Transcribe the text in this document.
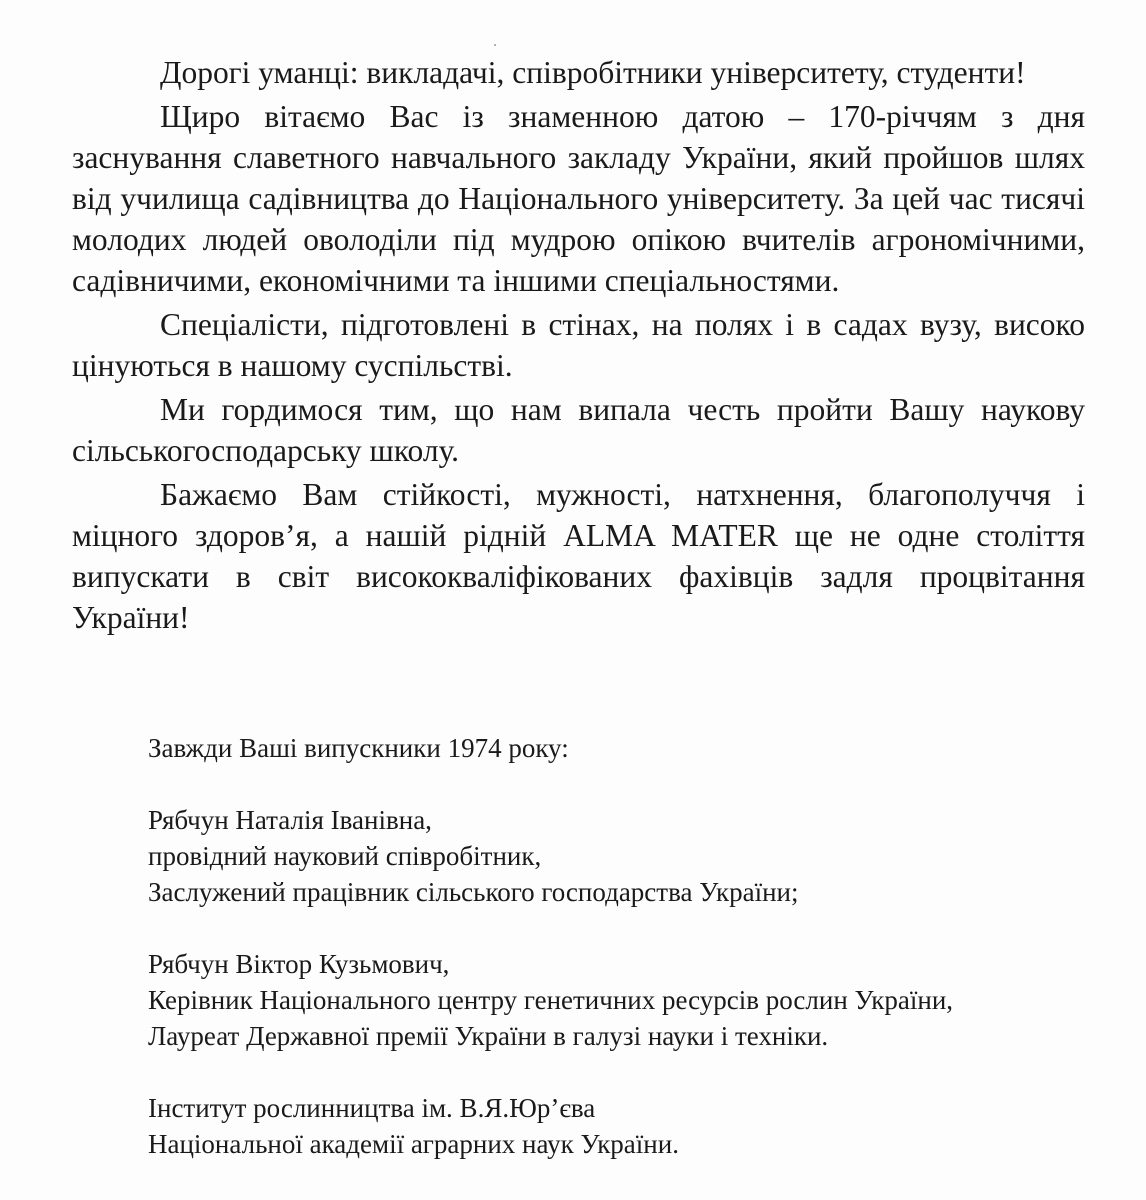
Дорогі уманці: викладачі, співробітники університету, студенти!

Щиро вітаємо Вас із знаменною датою – 170-річчям з дня заснування славетного навчального закладу України, який пройшов шлях від училища садівництва до Національного університету. За цей час тисячі молодих людей оволоділи під мудрою опікою вчителів агрономічними, садівничими, економічними та іншими спеціальностями.

Спеціалісти, підготовлені в стінах, на полях і в садах вузу, високо цінуються в нашому суспільстві.

Ми гордимося тим, що нам випала честь пройти Вашу наукову сільськогосподарську школу.

Бажаємо Вам стійкості, мужності, натхнення, благополуччя і міцного здоров’я, а нашій рідній ALMA MATER ще не одне століття випускати в світ висококваліфікованих фахівців задля процвітання України!

Завжди Ваші випускники 1974 року:
Рябчун Наталія Іванівна,
провідний науковий співробітник,
Заслужений працівник сільського господарства України;
Рябчун Віктор Кузьмович,
Керівник Національного центру генетичних ресурсів рослин України,
Лауреат Державної премії України в галузі науки і техніки.
Інститут рослинництва ім. В.Я.Юр’єва
Національної академії аграрних наук України.
